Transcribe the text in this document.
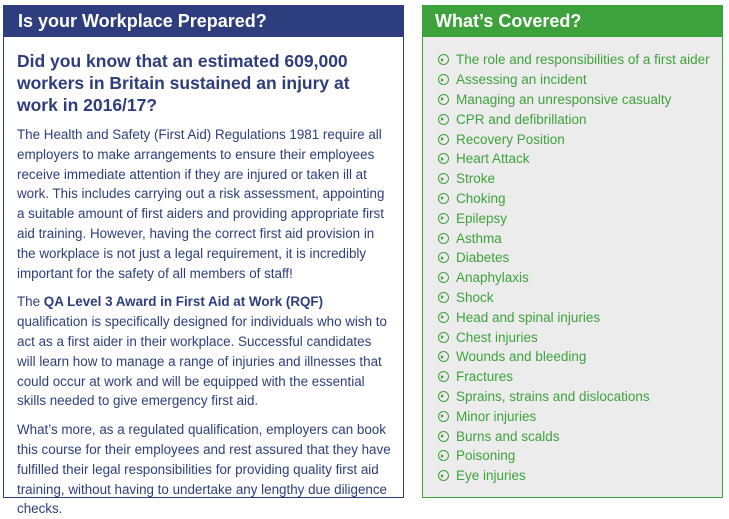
Is your Workplace Prepared?

Did you know that an estimated 609,000 workers in Britain sustained an injury at work in 2016/17?

The Health and Safety (First Aid) Regulations 1981 require all employers to make arrangements to ensure their employees receive immediate attention if they are injured or taken ill at work. This includes carrying out a risk assessment, appointing a suitable amount of first aiders and providing appropriate first aid training. However, having the correct first aid provision in the workplace is not just a legal requirement, it is incredibly important for the safety of all members of staff!

The QA Level 3 Award in First Aid at Work (RQF) qualification is specifically designed for individuals who wish to act as a first aider in their workplace. Successful candidates will learn how to manage a range of injuries and illnesses that could occur at work and will be equipped with the essential skills needed to give emergency first aid.

What’s more, as a regulated qualification, employers can book this course for their employees and rest assured that they have fulfilled their legal responsibilities for providing quality first aid training, without having to undertake any lengthy due diligence checks.

What’s Covered?
The role and responsibilities of a first aider
Assessing an incident
Managing an unresponsive casualty
CPR and defibrillation
Recovery Position
Heart Attack
Stroke
Choking
Epilepsy
Asthma
Diabetes
Anaphylaxis
Shock
Head and spinal injuries
Chest injuries
Wounds and bleeding
Fractures
Sprains, strains and dislocations
Minor injuries
Burns and scalds
Poisoning
Eye injuries
